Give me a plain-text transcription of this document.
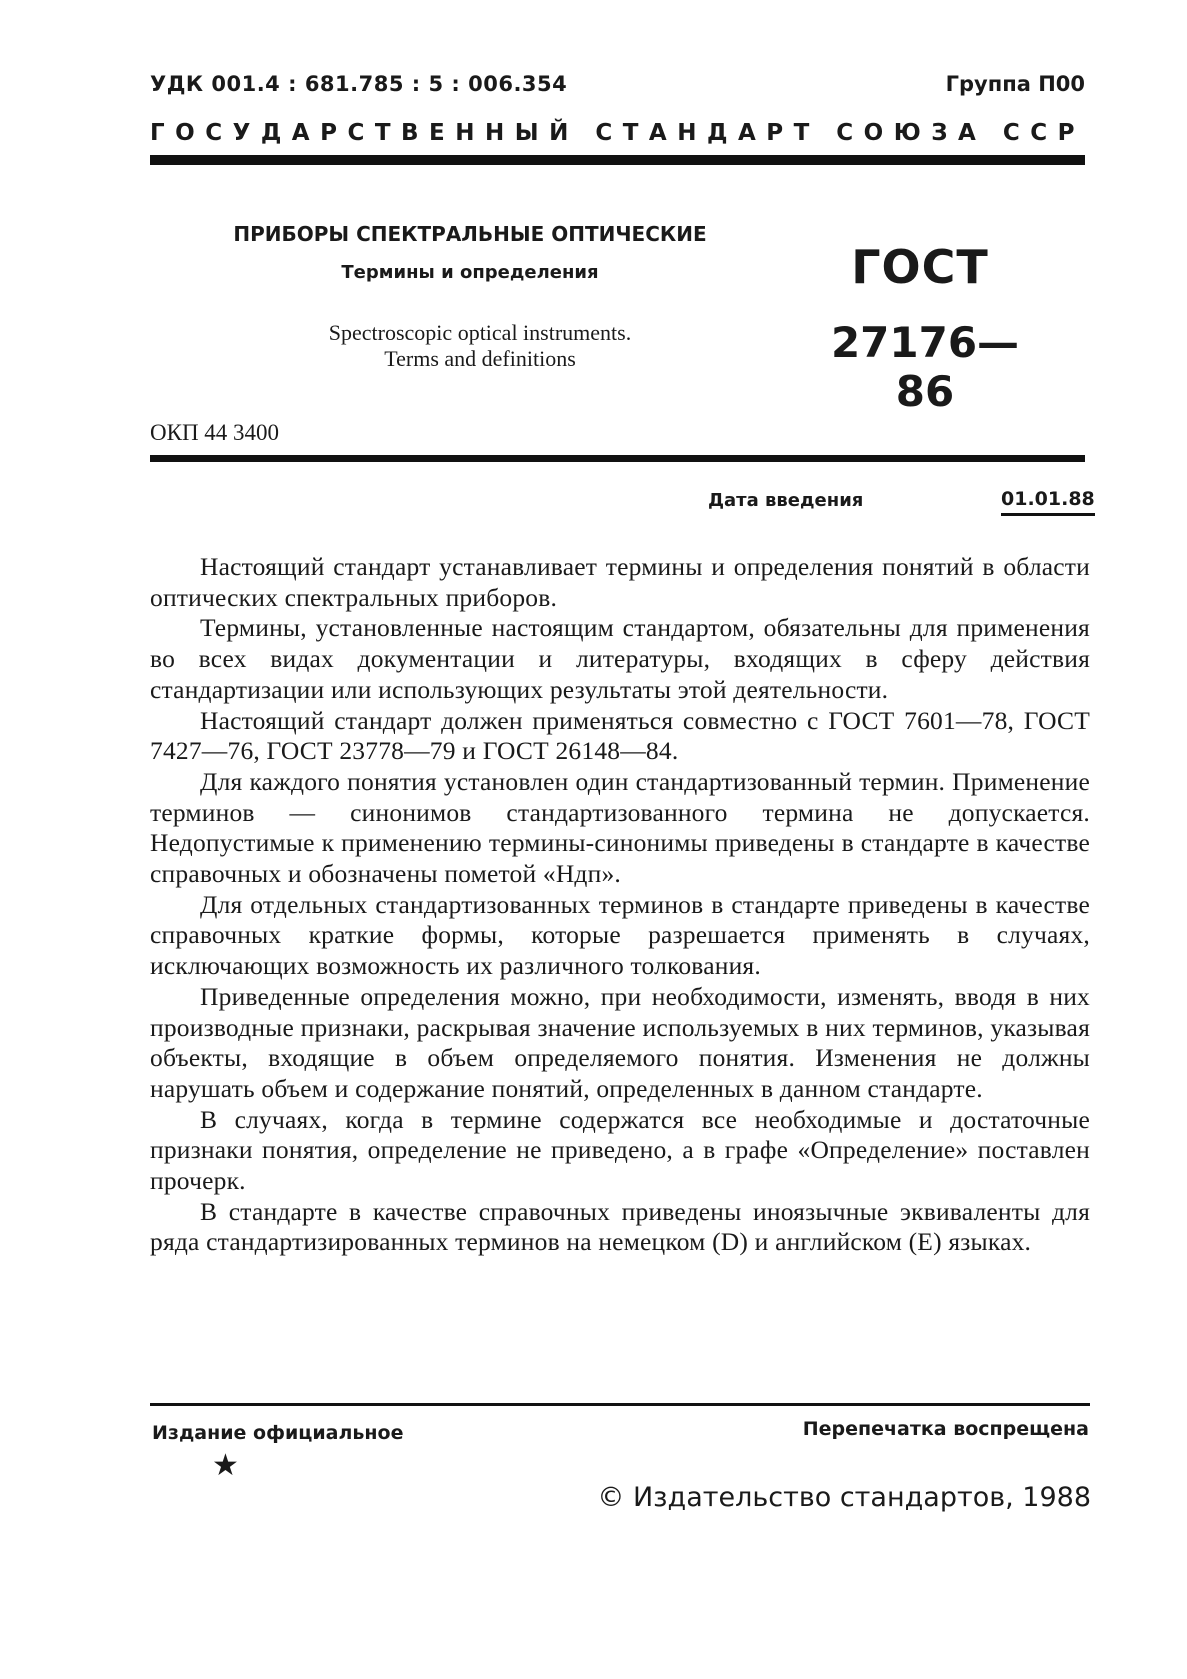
УДК 001.4 : 681.785 : 5 : 006.354	Группа П00
ГОСУДАРСТВЕННЫЙ СТАНДАРТ СОЮЗА ССР
ПРИБОРЫ СПЕКТРАЛЬНЫЕ ОПТИЧЕСКИЕ
Термины и определения
Spectroscopic optical instruments.
Terms and definitions
ГОСТ
27176—86
ОКП 44 3400
Дата введения	01.01.88

Настоящий стандарт устанавливает термины и определения понятий в области оптических спектральных приборов.

Термины, установленные настоящим стандартом, обязательны для применения во всех видах документации и литературы, входящих в сферу действия стандартизации или использующих результаты этой деятельности.

Настоящий стандарт должен применяться совместно с ГОСТ 7601—78, ГОСТ 7427—76, ГОСТ 23778—79 и ГОСТ 26148—84.

Для каждого понятия установлен один стандартизованный термин. Применение терминов — синонимов стандартизованного термина не допускается. Недопустимые к применению термины-синонимы приведены в стандарте в качестве справочных и обозначены пометой «Ндп».

Для отдельных стандартизованных терминов в стандарте приведены в качестве справочных краткие формы, которые разрешается применять в случаях, исключающих возможность их различного толкования.

Приведенные определения можно, при необходимости, изменять, вводя в них производные признаки, раскрывая значение используемых в них терминов, указывая объекты, входящие в объем определяемого понятия. Изменения не должны нарушать объем и содержание понятий, определенных в данном стандарте.

В случаях, когда в термине содержатся все необходимые и достаточные признаки понятия, определение не приведено, а в графе «Определение» поставлен прочерк.

В стандарте в качестве справочных приведены иноязычные эквиваленты для ряда стандартизированных терминов на немецком (D) и английском (E) языках.

Издание официальное	Перепечатка воспрещена
★
© Издательство стандартов, 1988
